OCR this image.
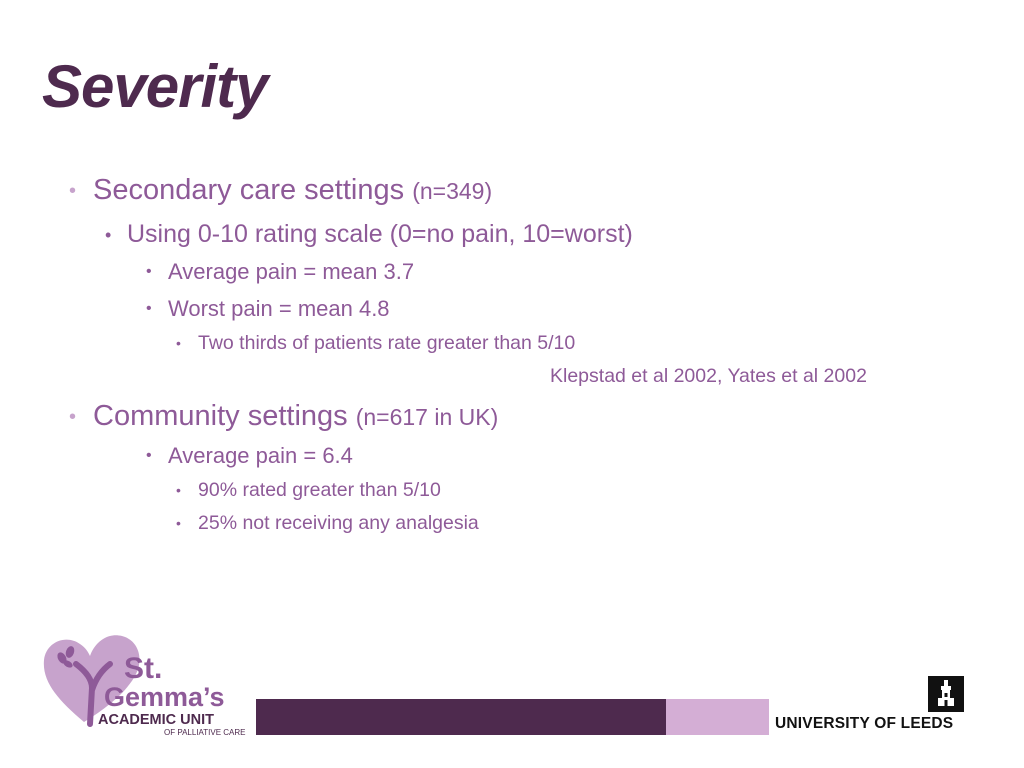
Severity
• Secondary care settings (n=349)
• Using 0-10 rating scale (0=no pain, 10=worst)
• Average pain = mean 3.7
• Worst pain = mean 4.8
• Two thirds of patients rate greater than 5/10
Klepstad et al 2002, Yates et al 2002
• Community settings (n=617 in UK)
• Average pain = 6.4
• 90% rated greater than 5/10
• 25% not receiving any analgesia
St.
Gemma’s
ACADEMIC UNIT
OF PALLIATIVE CARE
UNIVERSITY OF LEEDS
